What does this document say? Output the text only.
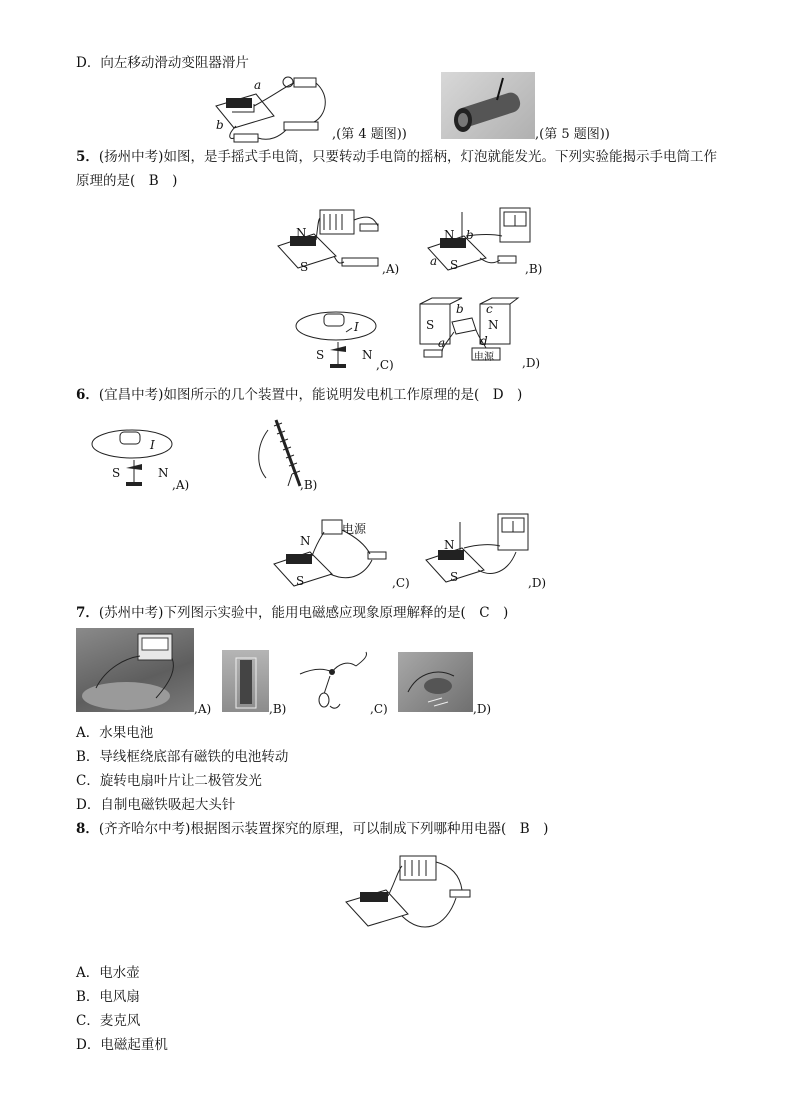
D．向左移动滑动变阻器滑片
a
b
,(第 4 题图))	,(第 5 题图))
5．(扬州中考)如图，是手摇式手电筒，只要转动手电筒的摇柄，灯泡就能发光。下列实验能揭示手电筒工作
原理的是(　B　)
N
S	,A)
N
S
b
a
,B)
I
S	N
,C)
S	N
b c
a	d
电源 ,D)
6．(宜昌中考)如图所示的几个装置中，能说明发电机工作原理的是(　D　)
I
S	N
,A)	,B)
N
S
电源
,C)
N
S	,D)
7．(苏州中考)下列图示实验中，能用电磁感应现象原理解释的是(　C　)
,A)	,B)	,C)	,D)
A．水果电池
B．导线框绕底部有磁铁的电池转动
C．旋转电扇叶片让二极管发光
D．自制电磁铁吸起大头针
8．(齐齐哈尔中考)根据图示装置探究的原理，可以制成下列哪种用电器(　B　)
A．电水壶
B．电风扇
C．麦克风
D．电磁起重机
